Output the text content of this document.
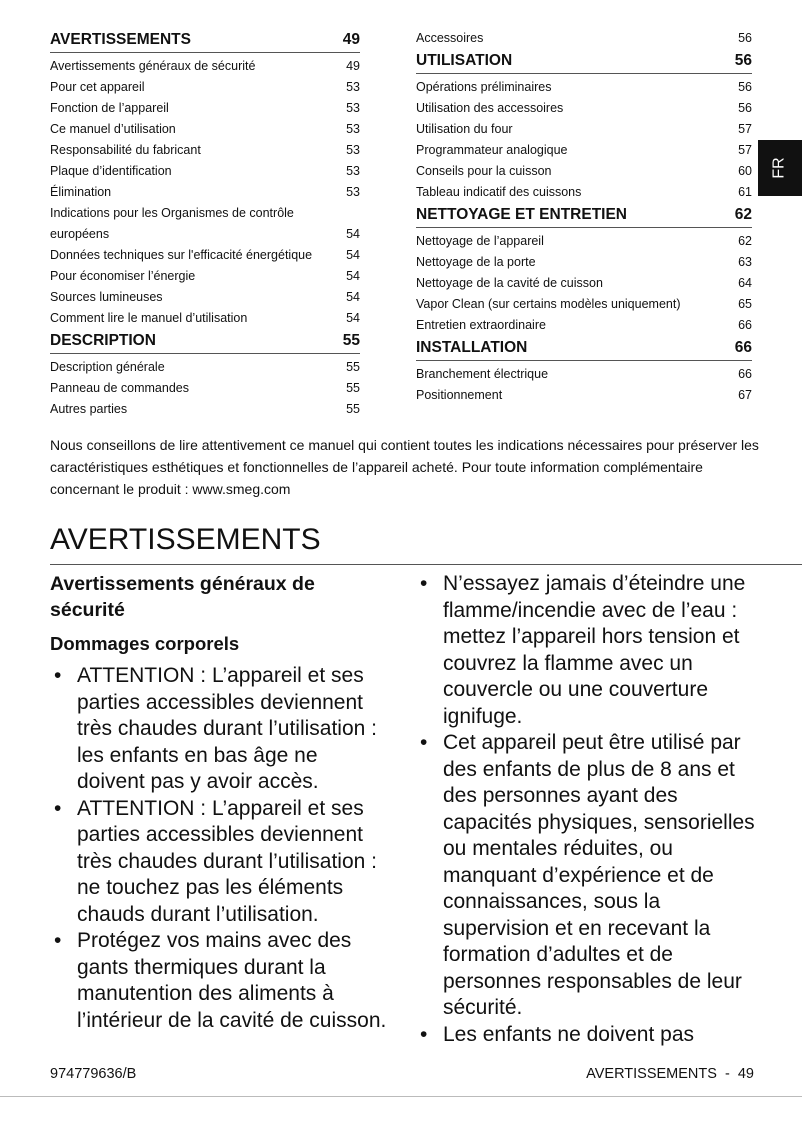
AVERTISSEMENTS	49
Avertissements généraux de sécurité	49
Pour cet appareil	53
Fonction de l’appareil	53
Ce manuel d’utilisation	53
Responsabilité du fabricant	53
Plaque d’identification	53
Élimination	53
Indications pour les Organismes de contrôle européens	54
Données techniques sur l'efficacité énergétique	54
Pour économiser l’énergie	54
Sources lumineuses	54
Comment lire le manuel d’utilisation	54
DESCRIPTION	55
Description générale	55
Panneau de commandes	55
Autres parties	55
Accessoires	56
UTILISATION	56
Opérations préliminaires	56
Utilisation des accessoires	56
Utilisation du four	57
Programmateur analogique	57
Conseils pour la cuisson	60
Tableau indicatif des cuissons	61
NETTOYAGE ET ENTRETIEN	62
Nettoyage de l’appareil	62
Nettoyage de la porte	63
Nettoyage de la cavité de cuisson	64
Vapor Clean (sur certains modèles uniquement)	65
Entretien extraordinaire	66
INSTALLATION	66
Branchement électrique	66
Positionnement	67
Nous conseillons de lire attentivement ce manuel qui contient toutes les indications nécessaires pour préserver les caractéristiques esthétiques et fonctionnelles de l’appareil acheté. Pour toute information complémentaire concernant le produit : www.smeg.com
AVERTISSEMENTS
Avertissements généraux de sécurité
Dommages corporels
• ATTENTION : L’appareil et ses parties accessibles deviennent très chaudes durant l’utilisation : les enfants en bas âge ne doivent pas y avoir accès.
• ATTENTION : L’appareil et ses parties accessibles deviennent très chaudes durant l’utilisation : ne touchez pas les éléments chauds durant l’utilisation.
• Protégez vos mains avec des gants thermiques durant la manutention des aliments à l’intérieur de la cavité de cuisson.
• N’essayez jamais d’éteindre une flamme/incendie avec de l’eau : mettez l’appareil hors tension et couvrez la flamme avec un couvercle ou une couverture ignifuge.
• Cet appareil peut être utilisé par des enfants de plus de 8 ans et des personnes ayant des capacités physiques, sensorielles ou mentales réduites, ou manquant d’expérience et de connaissances, sous la supervision et en recevant la formation d’adultes et de personnes responsables de leur sécurité.
• Les enfants ne doivent pas
974779636/B	AVERTISSEMENTS  -  49
FR
